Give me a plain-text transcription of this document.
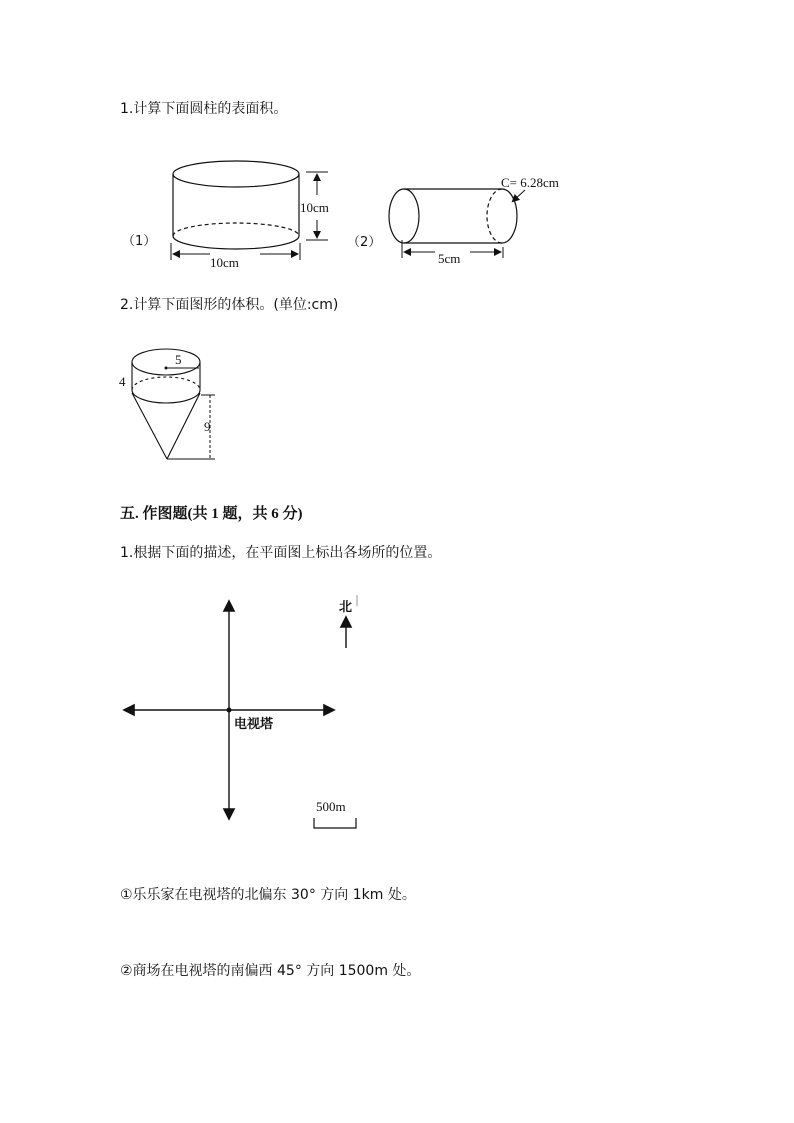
1.计算下面圆柱的表面积。
（1）
10cm
10cm
（2）
C= 6.28cm
5cm
2.计算下面图形的体积。(单位:cm)
5
4
9
五. 作图题(共 1 题，共 6 分)
1.根据下面的描述，在平面图上标出各场所的位置。
电视塔
北
500m
①乐乐家在电视塔的北偏东 30° 方向 1km 处。
②商场在电视塔的南偏西 45° 方向 1500m 处。
